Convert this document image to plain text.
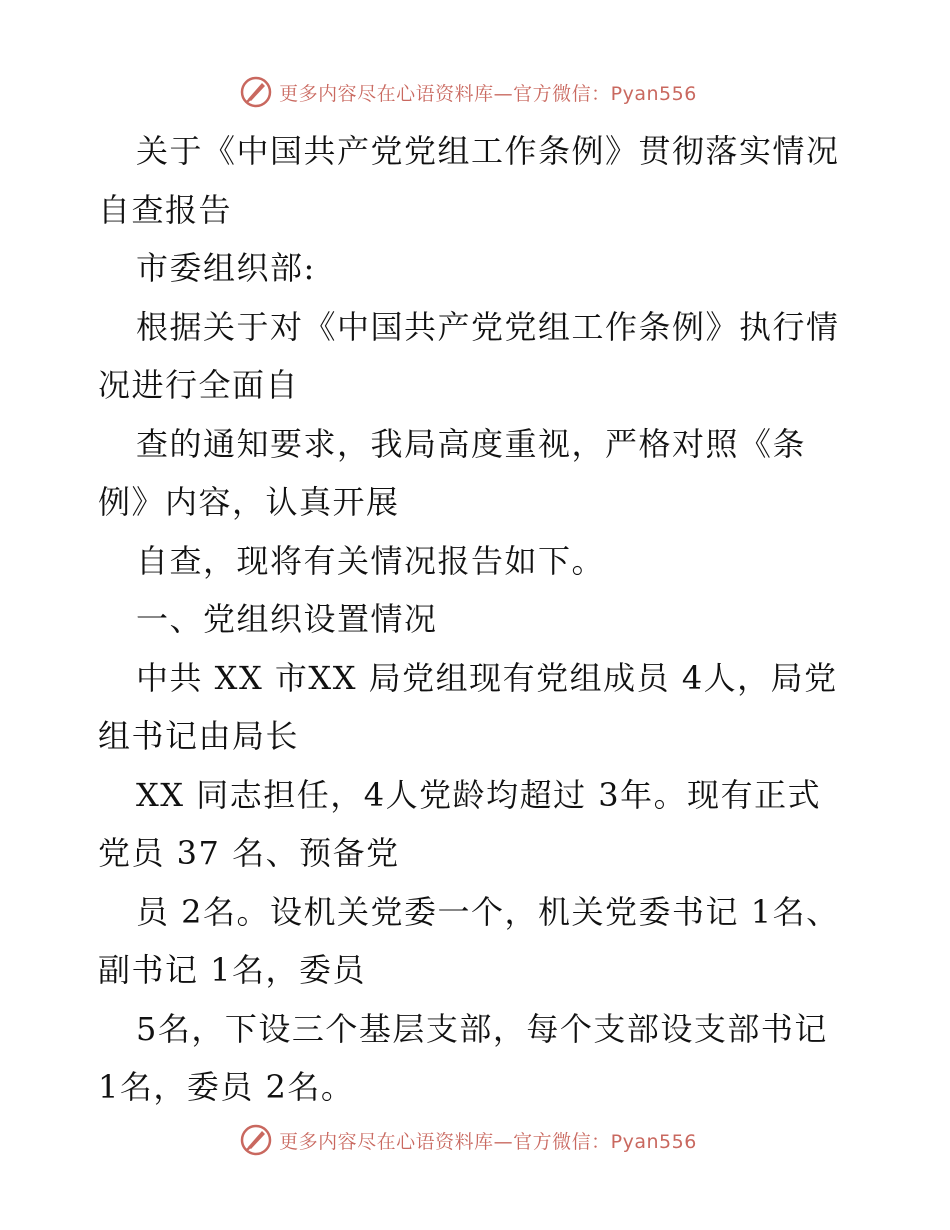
更多内容尽在心语资料库—官方微信：Pyan556
关于《中国共产党党组工作条例》贯彻落实情况
自查报告
市委组织部:
根据关于对《中国共产党党组工作条例》执行情
况进行全面自
查的通知要求，我局高度重视，严格对照《条
例》内容，认真开展
自查，现将有关情况报告如下。
一、党组织设置情况
中共 XX 市XX 局党组现有党组成员 4人，局党
组书记由局长
XX 同志担任，4人党龄均超过 3年。现有正式
党员 37 名、预备党
员 2名。设机关党委一个，机关党委书记 1名、
副书记 1名，委员
5名，下设三个基层支部，每个支部设支部书记
1名，委员 2名。
更多内容尽在心语资料库—官方微信：Pyan556
